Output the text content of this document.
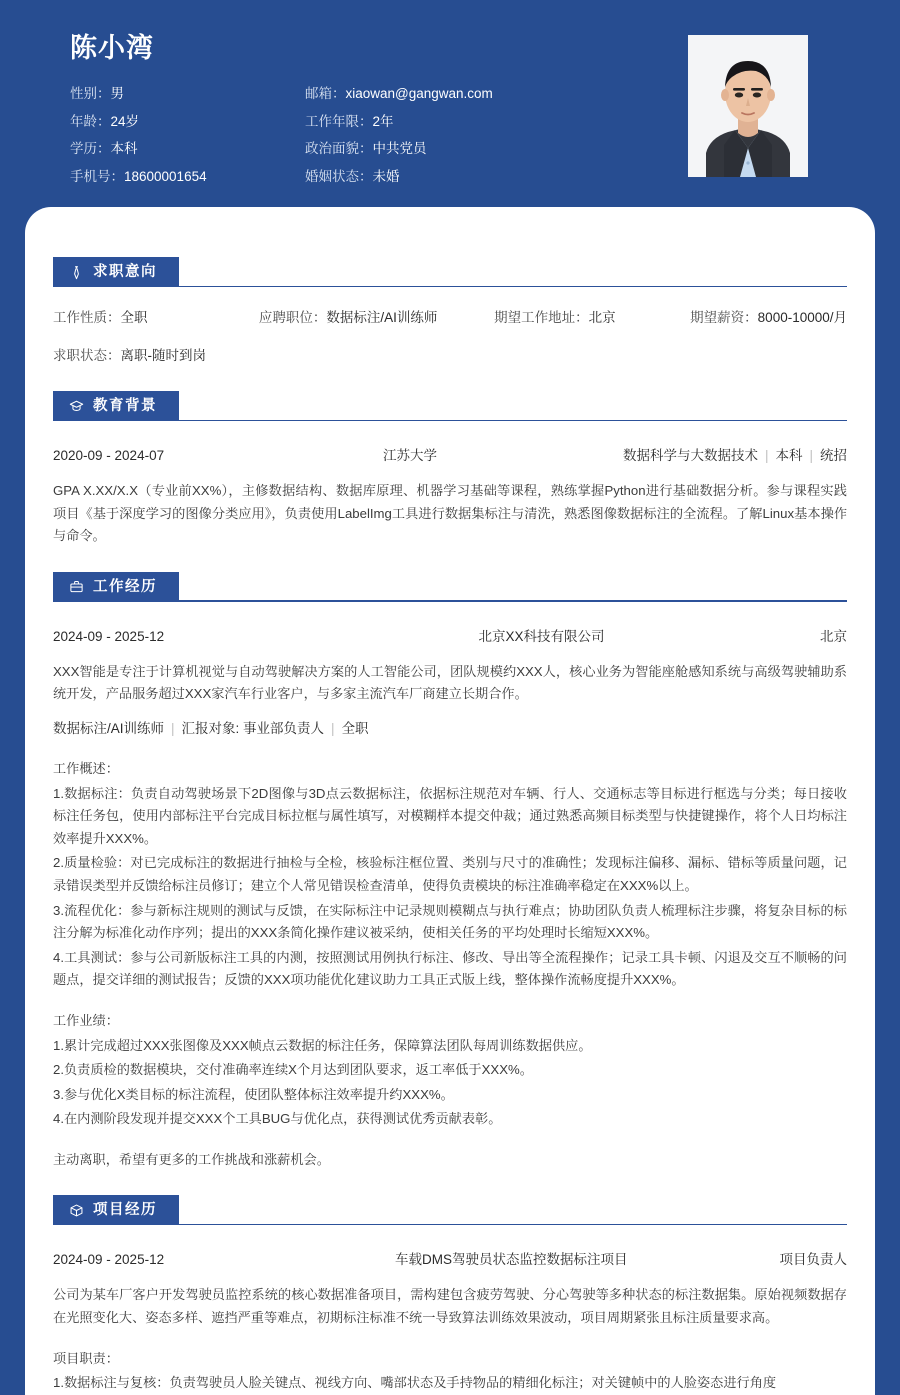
陈小湾
性别：男	邮箱：xiaowan@gangwan.com
年龄：24岁	工作年限：2年
学历：本科	政治面貌：中共党员
手机号：18600001654	婚姻状态：未婚
求职意向
工作性质：全职	应聘职位：数据标注/AI训练师	期望工作地址：北京	期望薪资：8000-10000/月
求职状态：离职-随时到岗
教育背景
2020-09 - 2024-07	江苏大学	数据科学与大数据技术 | 本科 | 统招
GPA X.XX/X.X（专业前XX%），主修数据结构、数据库原理、机器学习基础等课程，熟练掌握Python进行基础数据分析。参与课程实践项目《基于深度学习的图像分类应用》，负责使用LabelImg工具进行数据集标注与清洗，熟悉图像数据标注的全流程。了解Linux基本操作与命令。
工作经历
2024-09 - 2025-12	北京XX科技有限公司	北京
XXX智能是专注于计算机视觉与自动驾驶解决方案的人工智能公司，团队规模约XXX人，核心业务为智能座舱感知系统与高级驾驶辅助系统开发，产品服务超过XXX家汽车行业客户，与多家主流汽车厂商建立长期合作。
数据标注/AI训练师 | 汇报对象: 事业部负责人 | 全职
工作概述：
1.数据标注：负责自动驾驶场景下2D图像与3D点云数据标注，依据标注规范对车辆、行人、交通标志等目标进行框选与分类；每日接收标注任务包，使用内部标注平台完成目标拉框与属性填写，对模糊样本提交仲裁；通过熟悉高频目标类型与快捷键操作，将个人日均标注效率提升XXX%。
2.质量检验：对已完成标注的数据进行抽检与全检，核验标注框位置、类别与尺寸的准确性；发现标注偏移、漏标、错标等质量问题，记录错误类型并反馈给标注员修订；建立个人常见错误检查清单，使得负责模块的标注准确率稳定在XXX%以上。
3.流程优化：参与新标注规则的测试与反馈，在实际标注中记录规则模糊点与执行难点；协助团队负责人梳理标注步骤，将复杂目标的标注分解为标准化动作序列；提出的XXX条简化操作建议被采纳，使相关任务的平均处理时长缩短XXX%。
4.工具测试：参与公司新版标注工具的内测，按照测试用例执行标注、修改、导出等全流程操作；记录工具卡顿、闪退及交互不顺畅的问题点，提交详细的测试报告；反馈的XXX项功能优化建议助力工具正式版上线，整体操作流畅度提升XXX%。
工作业绩：
1.累计完成超过XXX张图像及XXX帧点云数据的标注任务，保障算法团队每周训练数据供应。
2.负责质检的数据模块，交付准确率连续X个月达到团队要求，返工率低于XXX%。
3.参与优化X类目标的标注流程，使团队整体标注效率提升约XXX%。
4.在内测阶段发现并提交XXX个工具BUG与优化点，获得测试优秀贡献表彰。
主动离职，希望有更多的工作挑战和涨薪机会。
项目经历
2024-09 - 2025-12	车载DMS驾驶员状态监控数据标注项目	项目负责人
公司为某车厂客户开发驾驶员监控系统的核心数据准备项目，需构建包含疲劳驾驶、分心驾驶等多种状态的标注数据集。原始视频数据存在光照变化大、姿态多样、遮挡严重等难点，初期标注标准不统一导致算法训练效果波动，项目周期紧张且标注质量要求高。
项目职责：
1.数据标注与复核：负责驾驶员人脸关键点、视线方向、嘴部状态及手持物品的精细化标注；对关键帧中的人脸姿态进行角度
